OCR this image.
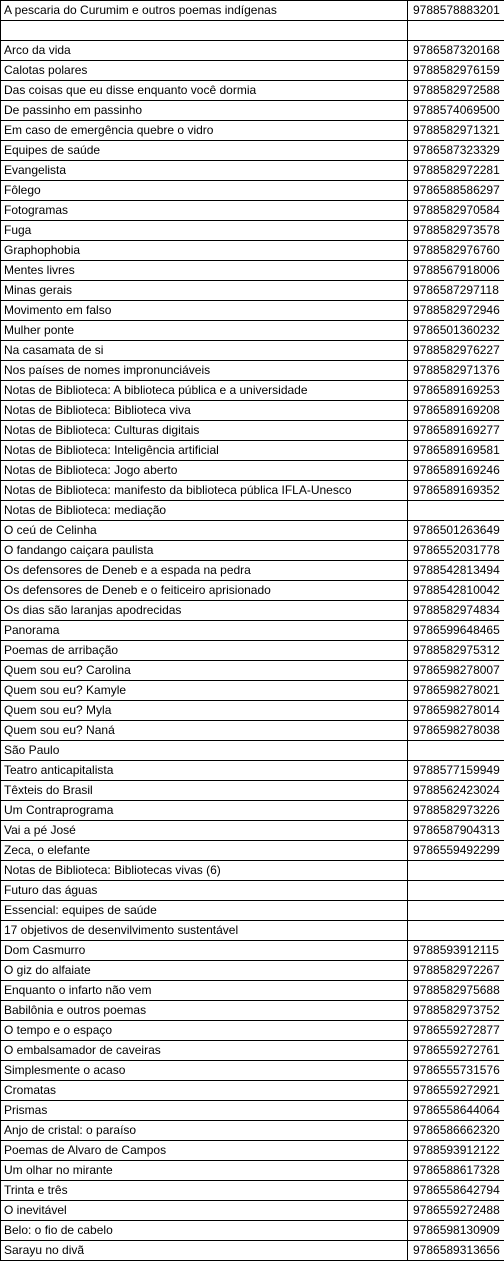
A pescaria do Curumim e outros poemas indígenas	9788578883201

Arco da vida	9786587320168
Calotas polares	9788582976159
Das coisas que eu disse enquanto você dormia	9788582972588
De passinho em passinho	9788574069500
Em caso de emergência quebre o vidro	9788582971321
Equipes de saúde	9786587323329
Evangelista	9788582972281
Fôlego	9786588586297
Fotogramas	9788582970584
Fuga	9788582973578
Graphophobia	9788582976760
Mentes livres	9788567918006
Minas gerais	9786587297118
Movimento em falso	9788582972946
Mulher ponte	9786501360232
Na casamata de si	9788582976227
Nos países de nomes impronunciáveis	9788582971376
Notas de Biblioteca: A biblioteca pública e a universidade	9786589169253
Notas de Biblioteca: Biblioteca viva	9786589169208
Notas de Biblioteca: Culturas digitais	9786589169277
Notas de Biblioteca: Inteligência artificial	9786589169581
Notas de Biblioteca: Jogo aberto	9786589169246
Notas de Biblioteca: manifesto da biblioteca pública IFLA-Unesco	9786589169352
Notas de Biblioteca: mediação	
O ceú de Celinha	9786501263649
O fandango caiçara paulista	9786552031778
Os defensores de Deneb e a espada na pedra	9788542813494
Os defensores de Deneb e o feiticeiro aprisionado	9788542810042
Os dias são laranjas apodrecidas	9788582974834
Panorama	9786599648465
Poemas de arribação	9788582975312
Quem sou eu? Carolina	9786598278007
Quem sou eu? Kamyle	9786598278021
Quem sou eu? Myla	9786598278014
Quem sou eu? Naná	9786598278038
São Paulo	
Teatro anticapitalista	9788577159949
Têxteis do Brasil	9788562423024
Um Contraprograma	9788582973226
Vai a pé José	9786587904313
Zeca, o elefante	9786559492299
Notas de Biblioteca: Bibliotecas vivas (6)	
Futuro das águas	
Essencial: equipes de saúde	
17 objetivos de desenvilvimento sustentável	
Dom Casmurro	9788593912115
O giz do alfaiate	9788582972267
Enquanto o infarto não vem	9788582975688
Babilônia e outros poemas	9788582973752
O tempo e o espaço	9786559272877
O embalsamador de caveiras	9786559272761
Simplesmente o acaso	9786555731576
Cromatas	9786559272921
Prismas	9786558644064
Anjo de cristal: o paraíso	9786586662320
Poemas de Alvaro de Campos	9788593912122
Um olhar no mirante	9786588617328
Trinta e três	9786558642794
O inevitável	9786559272488
Belo: o fio de cabelo	9786598130909
Sarayu no divã	9786589313656
